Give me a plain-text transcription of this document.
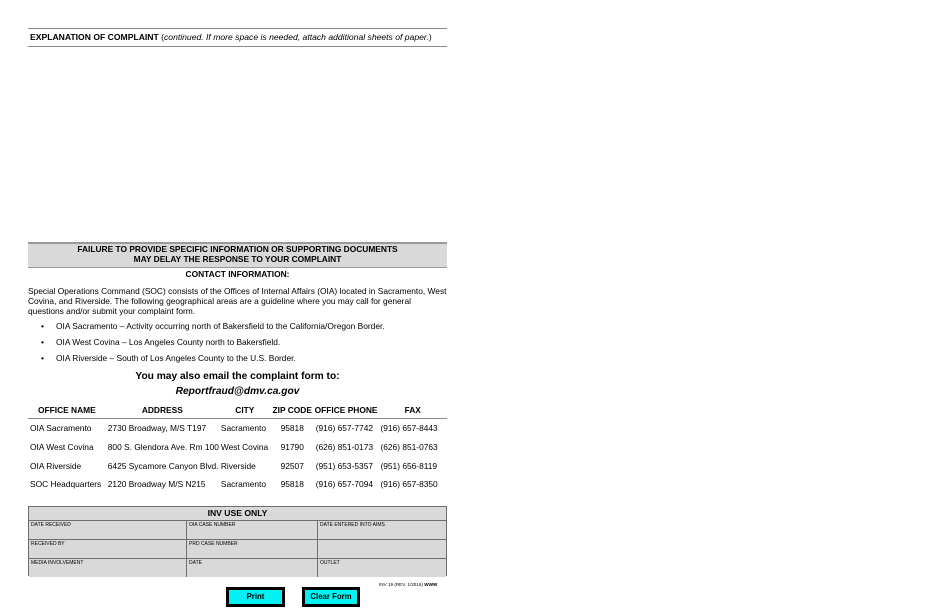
EXPLANATION OF COMPLAINT (continued. If more space is needed, attach additional sheets of paper.)
FAILURE TO PROVIDE SPECIFIC INFORMATION OR SUPPORTING DOCUMENTS
MAY DELAY THE RESPONSE TO YOUR COMPLAINT
CONTACT INFORMATION:
Special Operations Command (SOC) consists of the Offices of Internal Affairs (OIA) located in Sacramento, West Covina, and Riverside. The following geographical areas are a guideline where you may call for general questions and/or submit your complaint form.
• OIA Sacramento – Activity occurring north of Bakersfield to the California/Oregon Border.
• OIA West Covina – Los Angeles County north to Bakersfield.
• OIA Riverside – South of Los Angeles County to the U.S. Border.
You may also email the complaint form to:
Reportfraud@dmv.ca.gov
OFFICE NAME	ADDRESS	CITY	ZIP CODE	OFFICE PHONE	FAX
OIA Sacramento	2730 Broadway, M/S T197	Sacramento	95818	(916) 657-7742	(916) 657-8443
OIA West Covina	800 S. Glendora Ave. Rm 100	West Covina	91790	(626) 851-0173	(626) 851-0763
OIA Riverside	6425 Sycamore Canyon Blvd.	Riverside	92507	(951) 653-5357	(951) 656-8119
SOC Headquarters	2120 Broadway M/S N215	Sacramento	95818	(916) 657-7094	(916) 657-8350
INV USE ONLY
DATE RECEIVED	OIA CASE NUMBER	DATE ENTERED INTO AIMS
RECEIVED BY	PRD CASE NUMBER
MEDIA INVOLVEMENT	DATE	OUTLET
INV 19 (REV. 1/2016) WWW
Print	Clear Form
